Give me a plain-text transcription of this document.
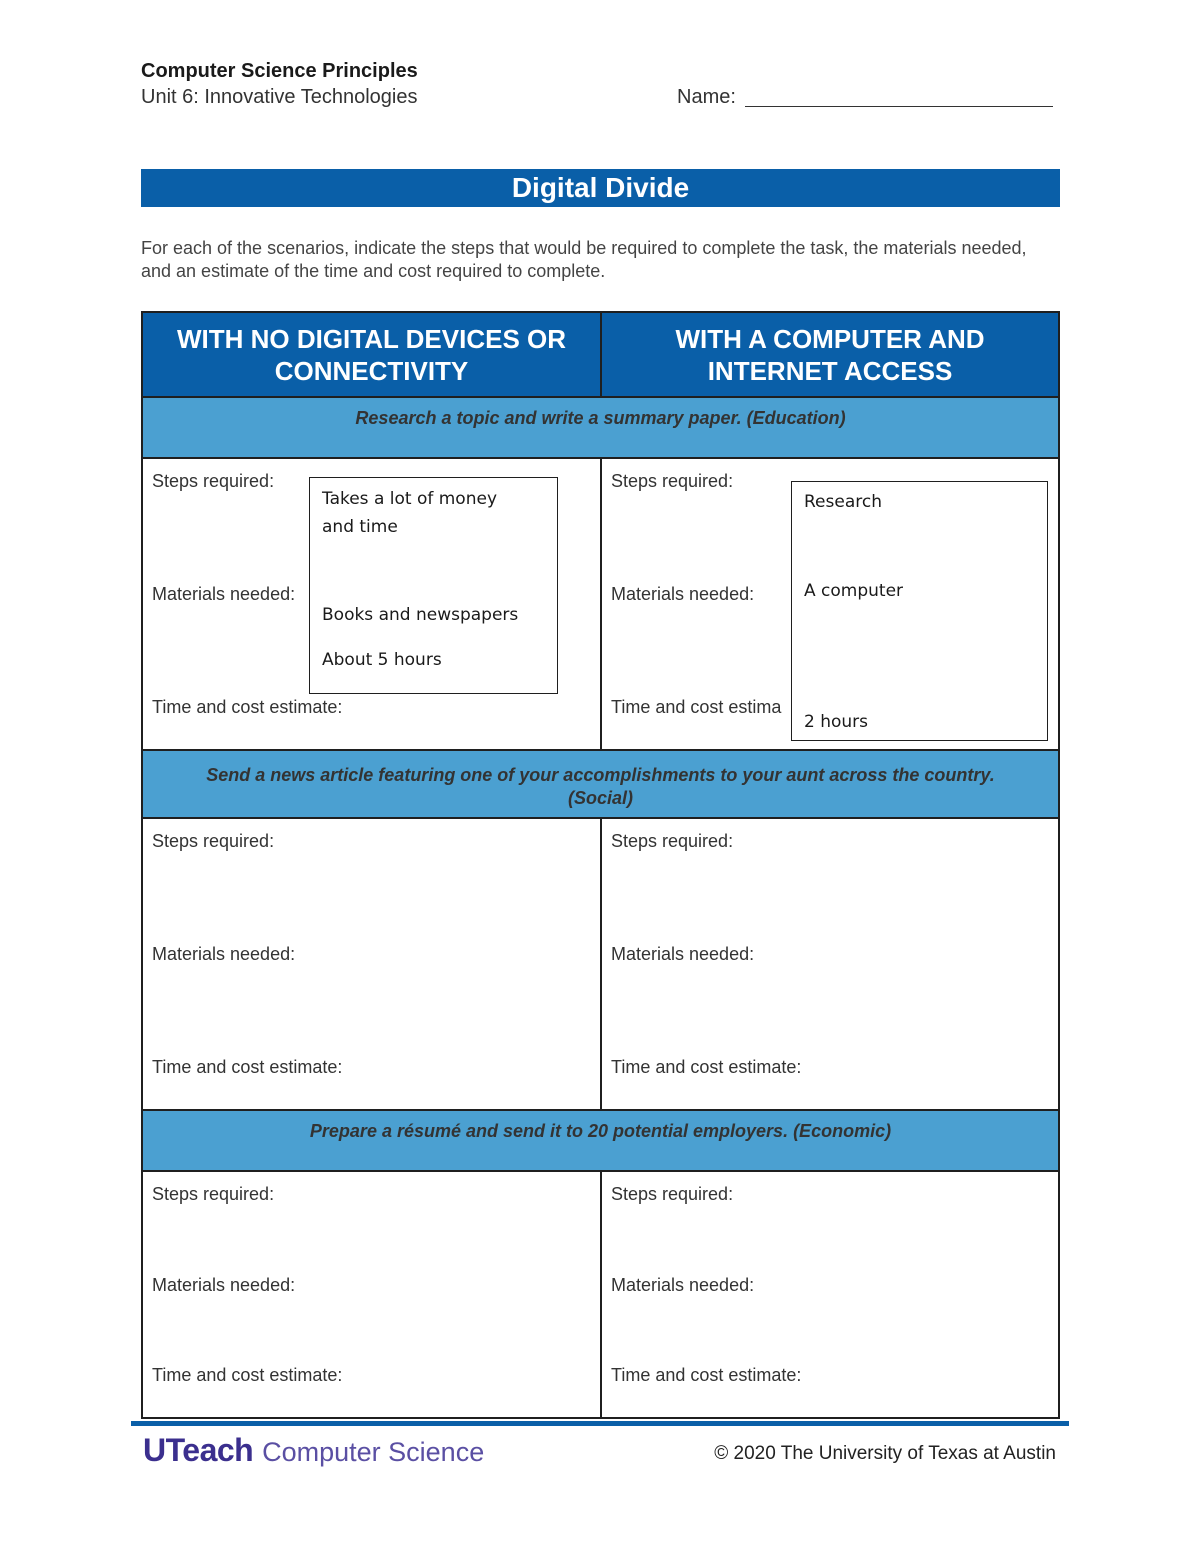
Computer Science Principles
Unit 6: Innovative Technologies	Name:
Digital Divide
For each of the scenarios, indicate the steps that would be required to complete the task, the materials needed, and an estimate of the time and cost required to complete.
WITH NO DIGITAL DEVICES OR CONNECTIVITY
WITH A COMPUTER AND INTERNET ACCESS
Research a topic and write a summary paper. (Education)
Steps required:
Materials needed:
Time and cost estimate:
Takes a lot of money
and time
Books and newspapers
About 5 hours
Steps required:
Materials needed:
Time and cost estima
Research
A computer
2 hours
Send a news article featuring one of your accomplishments to your aunt across the country.
(Social)
Steps required:
Materials needed:
Time and cost estimate:
Steps required:
Materials needed:
Time and cost estimate:
Prepare a résumé and send it to 20 potential employers. (Economic)
Steps required:
Materials needed:
Time and cost estimate:
Steps required:
Materials needed:
Time and cost estimate:
UTeach Computer Science	© 2020 The University of Texas at Austin
